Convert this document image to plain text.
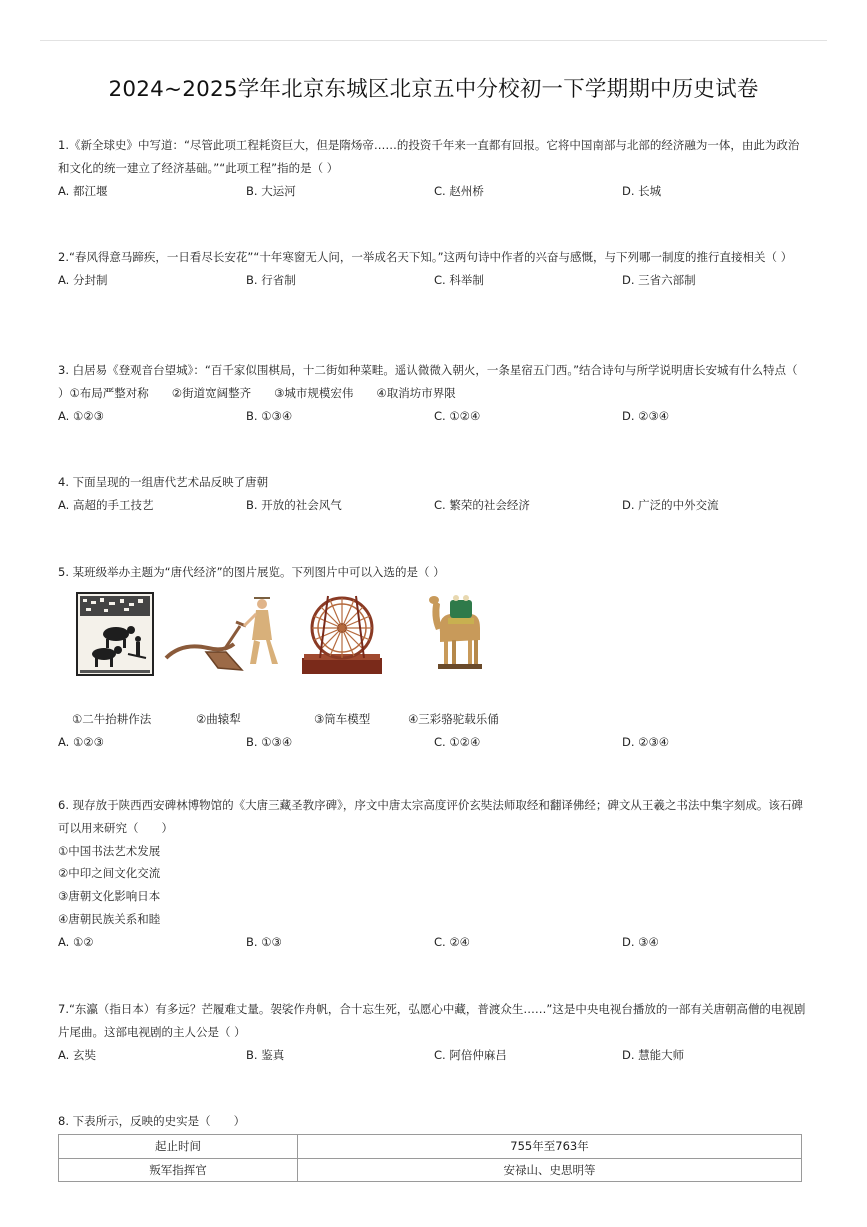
2024~2025学年北京东城区北京五中分校初一下学期期中历史试卷

1.《新全球史》中写道：“尽管此项工程耗资巨大，但是隋炀帝……的投资千年来一直都有回报。它将中国南部与北部的经济融为一体，由此为政治和文化的统一建立了经济基础。”“此项工程”指的是（ ）

A. 都江堰	B. 大运河	C. 赵州桥	D. 长城

2.“春风得意马蹄疾，一日看尽长安花”“十年寒窗无人问，一举成名天下知。”这两句诗中作者的兴奋与感慨，与下列哪一制度的推行直接相关（ ）

A. 分封制	B. 行省制	C. 科举制	D. 三省六部制

3. 白居易《登观音台望城》：“百千家似围棋局，十二街如种菜畦。遥认微微入朝火，一条星宿五门西。”结合诗句与所学说明唐长安城有什么特点（ ）①布局严整对称　　②街道宽阔整齐　　③城市规模宏伟　　④取消坊市界限

A. ①②③	B. ①③④	C. ①②④	D. ②③④

4. 下面呈现的一组唐代艺术品反映了唐朝

A. 高超的手工技艺	B. 开放的社会风气	C. 繁荣的社会经济	D. 广泛的中外交流

5. 某班级举办主题为“唐代经济”的图片展览。下列图片中可以入选的是（ ）

①二牛抬耕作法	②曲辕犁	③筒车模型	④三彩骆驼载乐俑
A. ①②③	B. ①③④	C. ①②④	D. ②③④

6. 现存放于陕西西安碑林博物馆的《大唐三藏圣教序碑》，序文中唐太宗高度评价玄奘法师取经和翻译佛经；碑文从王羲之书法中集字刻成。该石碑可以用来研究（　　）

①中国书法艺术发展

②中印之间文化交流

③唐朝文化影响日本

④唐朝民族关系和睦

A. ①②	B. ①③	C. ②④	D. ③④

7.“东瀛（指日本）有多远？芒履难丈量。袈裟作舟帆，合十忘生死，弘愿心中藏，普渡众生……”这是中央电视台播放的一部有关唐朝高僧的电视剧片尾曲。这部电视剧的主人公是（ ）

A. 玄奘	B. 鉴真	C. 阿倍仲麻吕	D. 慧能大师

8. 下表所示，反映的史实是（　　）

起止时间	755年至763年
叛军指挥官	安禄山、史思明等
